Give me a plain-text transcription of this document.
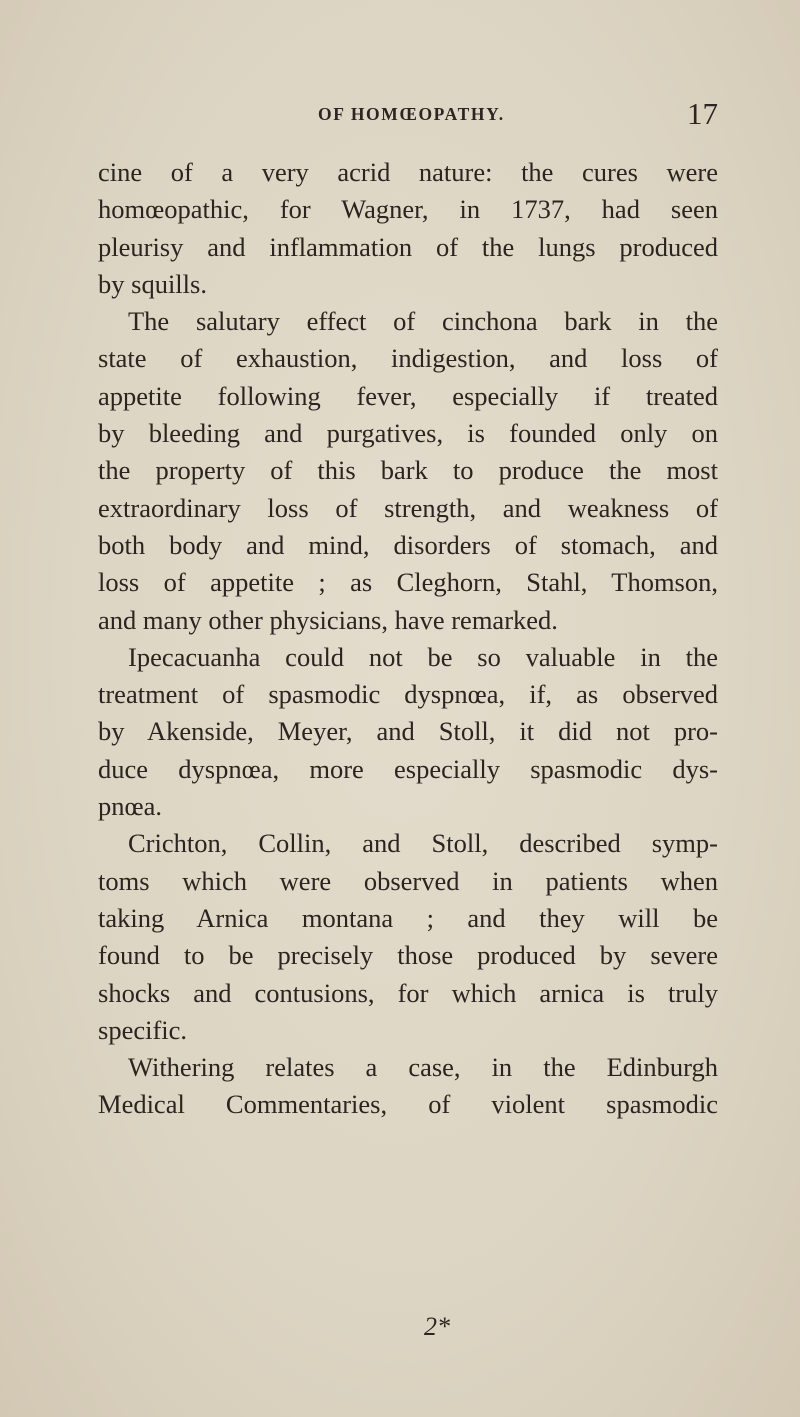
OF HOMŒOPATHY.	17
cine of a very acrid nature: the cures were
homœopathic, for Wagner, in 1737, had seen
pleurisy and inflammation of the lungs produced
by squills.
The salutary effect of cinchona bark in the
state of exhaustion, indigestion, and loss of
appetite following fever, especially if treated
by bleeding and purgatives, is founded only on
the property of this bark to produce the most
extraordinary loss of strength, and weakness of
both body and mind, disorders of stomach, and
loss of appetite ; as Cleghorn, Stahl, Thomson,
and many other physicians, have remarked.
Ipecacuanha could not be so valuable in the
treatment of spasmodic dyspnœa, if, as observed
by Akenside, Meyer, and Stoll, it did not pro-
duce dyspnœa, more especially spasmodic dys-
pnœa.
Crichton, Collin, and Stoll, described symp-
toms which were observed in patients when
taking Arnica montana ; and they will be
found to be precisely those produced by severe
shocks and contusions, for which arnica is truly
specific.
Withering relates a case, in the Edinburgh
Medical Commentaries, of violent spasmodic
2*
